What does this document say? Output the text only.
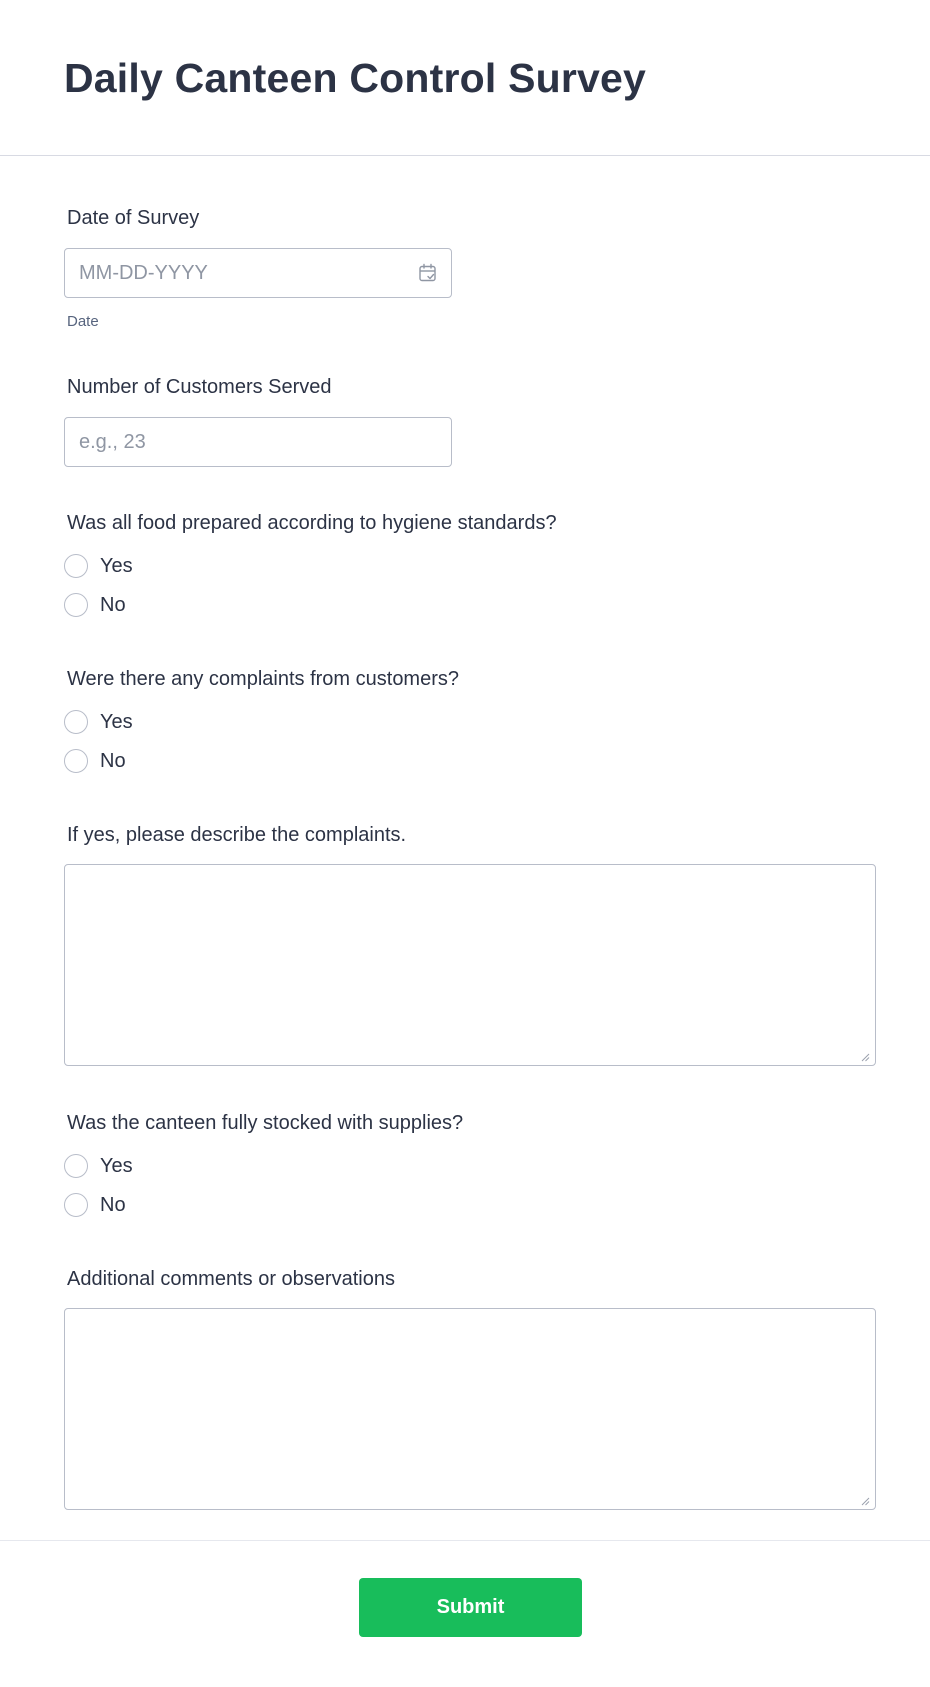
Daily Canteen Control Survey
Date of Survey
MM-DD-YYYY
Date
Number of Customers Served
e.g., 23
Was all food prepared according to hygiene standards?
Yes
No
Were there any complaints from customers?
Yes
No
If yes, please describe the complaints.
Was the canteen fully stocked with supplies?
Yes
No
Additional comments or observations
Submit
